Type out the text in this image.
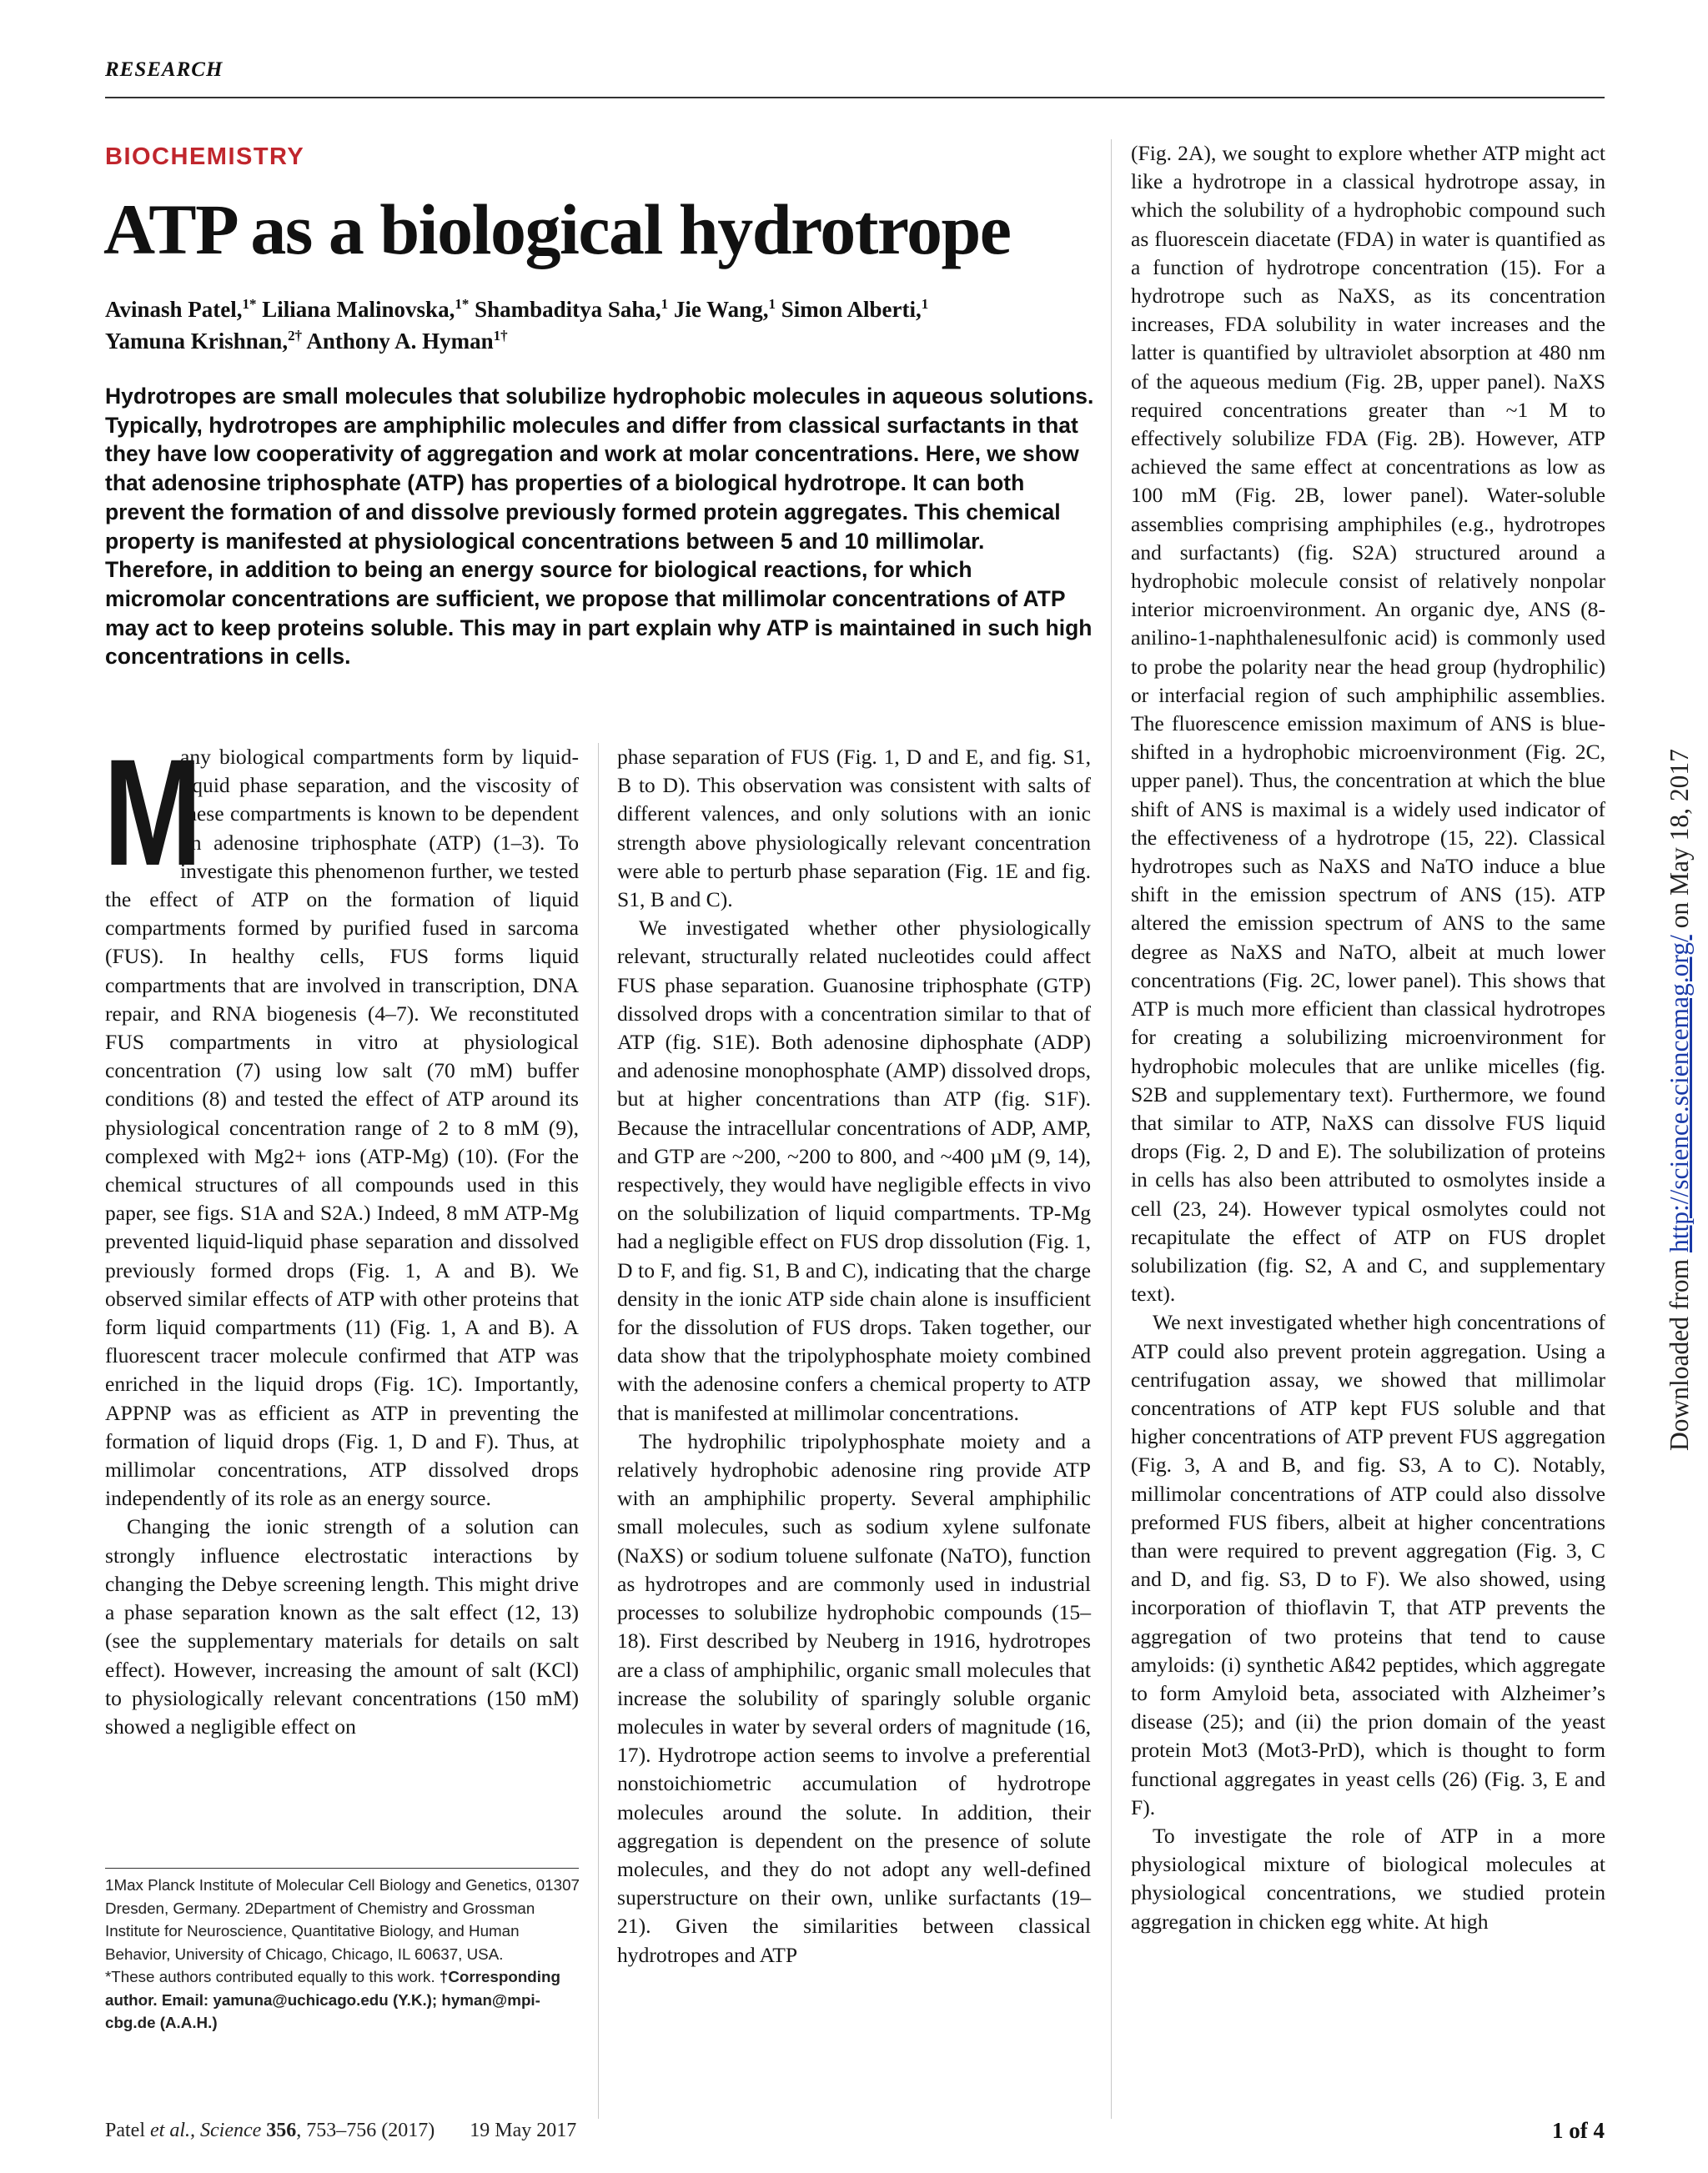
RESEARCH
BIOCHEMISTRY
ATP as a biological hydrotrope
Avinash Patel,$^{1*}$ Liliana Malinovska,$^{1*}$ Shambaditya Saha,$^1$ Jie Wang,$^1$ Simon Alberti,$^1$
Yamuna Krishnan,$^{2\dagger}$ Anthony A. Hyman$^{1\dagger}$
Hydrotropes are small molecules that solubilize hydrophobic molecules in aqueous solutions. Typically, hydrotropes are amphiphilic molecules and differ from classical surfactants in that they have low cooperativity of aggregation and work at molar concentrations. Here, we show that adenosine triphosphate (ATP) has properties of a biological hydrotrope. It can both prevent the formation of and dissolve previously formed protein aggregates. This chemical property is manifested at physiological concentrations between 5 and 10 millimolar. Therefore, in addition to being an energy source for biological reactions, for which micromolar concentrations are sufficient, we propose that millimolar concentrations of ATP may act to keep proteins soluble. This may in part explain why ATP is maintained in such high concentrations in cells.
M

any biological compartments form by liquid-liquid phase separation, and the viscosity of these compartments is known to be dependent on adenosine triphosphate (ATP) (1–3). To investigate this phenomenon further, we tested the effect of ATP on the formation of liquid compartments formed by purified fused in sarcoma (FUS). In healthy cells, FUS forms liquid compartments that are involved in transcription, DNA repair, and RNA biogenesis (4–7). We reconstituted FUS compartments in vitro at physiological concentration (7) using low salt (70 mM) buffer conditions (8) and tested the effect of ATP around its physiological concentration range of 2 to 8 mM (9), complexed with Mg2+ ions (ATP-Mg) (10). (For the chemical structures of all compounds used in this paper, see figs. S1A and S2A.) Indeed, 8 mM ATP-Mg prevented liquid-liquid phase separation and dissolved previously formed drops (Fig. 1, A and B). We observed similar effects of ATP with other proteins that form liquid compartments (11) (Fig. 1, A and B). A fluorescent tracer molecule confirmed that ATP was enriched in the liquid drops (Fig. 1C). Importantly, APPNP was as efficient as ATP in preventing the formation of liquid drops (Fig. 1, D and F). Thus, at millimolar concentrations, ATP dissolved drops independently of its role as an energy source.

Changing the ionic strength of a solution can strongly influence electrostatic interactions by changing the Debye screening length. This might drive a phase separation known as the salt effect (12, 13) (see the supplementary materials for details on salt effect). However, increasing the amount of salt (KCl) to physiologically relevant concentrations (150 mM) showed a negligible effect on

phase separation of FUS (Fig. 1, D and E, and fig. S1, B to D). This observation was consistent with salts of different valences, and only solutions with an ionic strength above physiologically relevant concentration were able to perturb phase separation (Fig. 1E and fig. S1, B and C).

We investigated whether other physiologically relevant, structurally related nucleotides could affect FUS phase separation. Guanosine triphosphate (GTP) dissolved drops with a concentration similar to that of ATP (fig. S1E). Both adenosine diphosphate (ADP) and adenosine monophosphate (AMP) dissolved drops, but at higher concentrations than ATP (fig. S1F). Because the intracellular concentrations of ADP, AMP, and GTP are ~200, ~200 to 800, and ~400 µM (9, 14), respectively, they would have negligible effects in vivo on the solubilization of liquid compartments. TP-Mg had a negligible effect on FUS drop dissolution (Fig. 1, D to F, and fig. S1, B and C), indicating that the charge density in the ionic ATP side chain alone is insufficient for the dissolution of FUS drops. Taken together, our data show that the tripolyphosphate moiety combined with the adenosine confers a chemical property to ATP that is manifested at millimolar concentrations.

The hydrophilic tripolyphosphate moiety and a relatively hydrophobic adenosine ring provide ATP with an amphiphilic property. Several amphiphilic small molecules, such as sodium xylene sulfonate (NaXS) or sodium toluene sulfonate (NaTO), function as hydrotropes and are commonly used in industrial processes to solubilize hydrophobic compounds (15–18). First described by Neuberg in 1916, hydrotropes are a class of amphiphilic, organic small molecules that increase the solubility of sparingly soluble organic molecules in water by several orders of magnitude (16, 17). Hydrotrope action seems to involve a preferential nonstoichiometric accumulation of hydrotrope molecules around the solute. In addition, their aggregation is dependent on the presence of solute molecules, and they do not adopt any well-defined superstructure on their own, unlike surfactants (19–21). Given the similarities between classical hydrotropes and ATP

(Fig. 2A), we sought to explore whether ATP might act like a hydrotrope in a classical hydrotrope assay, in which the solubility of a hydrophobic compound such as fluorescein diacetate (FDA) in water is quantified as a function of hydrotrope concentration (15). For a hydrotrope such as NaXS, as its concentration increases, FDA solubility in water increases and the latter is quantified by ultraviolet absorption at 480 nm of the aqueous medium (Fig. 2B, upper panel). NaXS required concentrations greater than ~1 M to effectively solubilize FDA (Fig. 2B). However, ATP achieved the same effect at concentrations as low as 100 mM (Fig. 2B, lower panel). Water-soluble assemblies comprising amphiphiles (e.g., hydrotropes and surfactants) (fig. S2A) structured around a hydrophobic molecule consist of relatively nonpolar interior microenvironment. An organic dye, ANS (8-anilino-1-naphthalenesulfonic acid) is commonly used to probe the polarity near the head group (hydrophilic) or interfacial region of such amphiphilic assemblies. The fluorescence emission maximum of ANS is blue-shifted in a hydrophobic microenvironment (Fig. 2C, upper panel). Thus, the concentration at which the blue shift of ANS is maximal is a widely used indicator of the effectiveness of a hydrotrope (15, 22). Classical hydrotropes such as NaXS and NaTO induce a blue shift in the emission spectrum of ANS (15). ATP altered the emission spectrum of ANS to the same degree as NaXS and NaTO, albeit at much lower concentrations (Fig. 2C, lower panel). This shows that ATP is much more efficient than classical hydrotropes for creating a solubilizing microenvironment for hydrophobic molecules that are unlike micelles (fig. S2B and supplementary text). Furthermore, we found that similar to ATP, NaXS can dissolve FUS liquid drops (Fig. 2, D and E). The solubilization of proteins in cells has also been attributed to osmolytes inside a cell (23, 24). However typical osmolytes could not recapitulate the effect of ATP on FUS droplet solubilization (fig. S2, A and C, and supplementary text).

We next investigated whether high concentrations of ATP could also prevent protein aggregation. Using a centrifugation assay, we showed that millimolar concentrations of ATP kept FUS soluble and that higher concentrations of ATP prevent FUS aggregation (Fig. 3, A and B, and fig. S3, A to C). Notably, millimolar concentrations of ATP could also dissolve preformed FUS fibers, albeit at higher concentrations than were required to prevent aggregation (Fig. 3, C and D, and fig. S3, D to F). We also showed, using incorporation of thioflavin T, that ATP prevents the aggregation of two proteins that tend to cause amyloids: (i) synthetic Aß42 peptides, which aggregate to form Amyloid beta, associated with Alzheimer’s disease (25); and (ii) the prion domain of the yeast protein Mot3 (Mot3-PrD), which is thought to form functional aggregates in yeast cells (26) (Fig. 3, E and F).

To investigate the role of ATP in a more physiological mixture of biological molecules at physiological concentrations, we studied protein aggregation in chicken egg white. At high

1Max Planck Institute of Molecular Cell Biology and Genetics, 01307 Dresden, Germany. 2Department of Chemistry and Grossman Institute for Neuroscience, Quantitative Biology, and Human Behavior, University of Chicago, Chicago, IL 60637, USA.

*These authors contributed equally to this work. †Corresponding author. Email: yamuna@uchicago.edu (Y.K.); hyman@mpi-cbg.de (A.A.H.)

Patel et al., Science 356, 753–756 (2017) 19 May 2017	1 of 4
Downloaded from http://science.sciencemag.org/ on May 18, 2017
